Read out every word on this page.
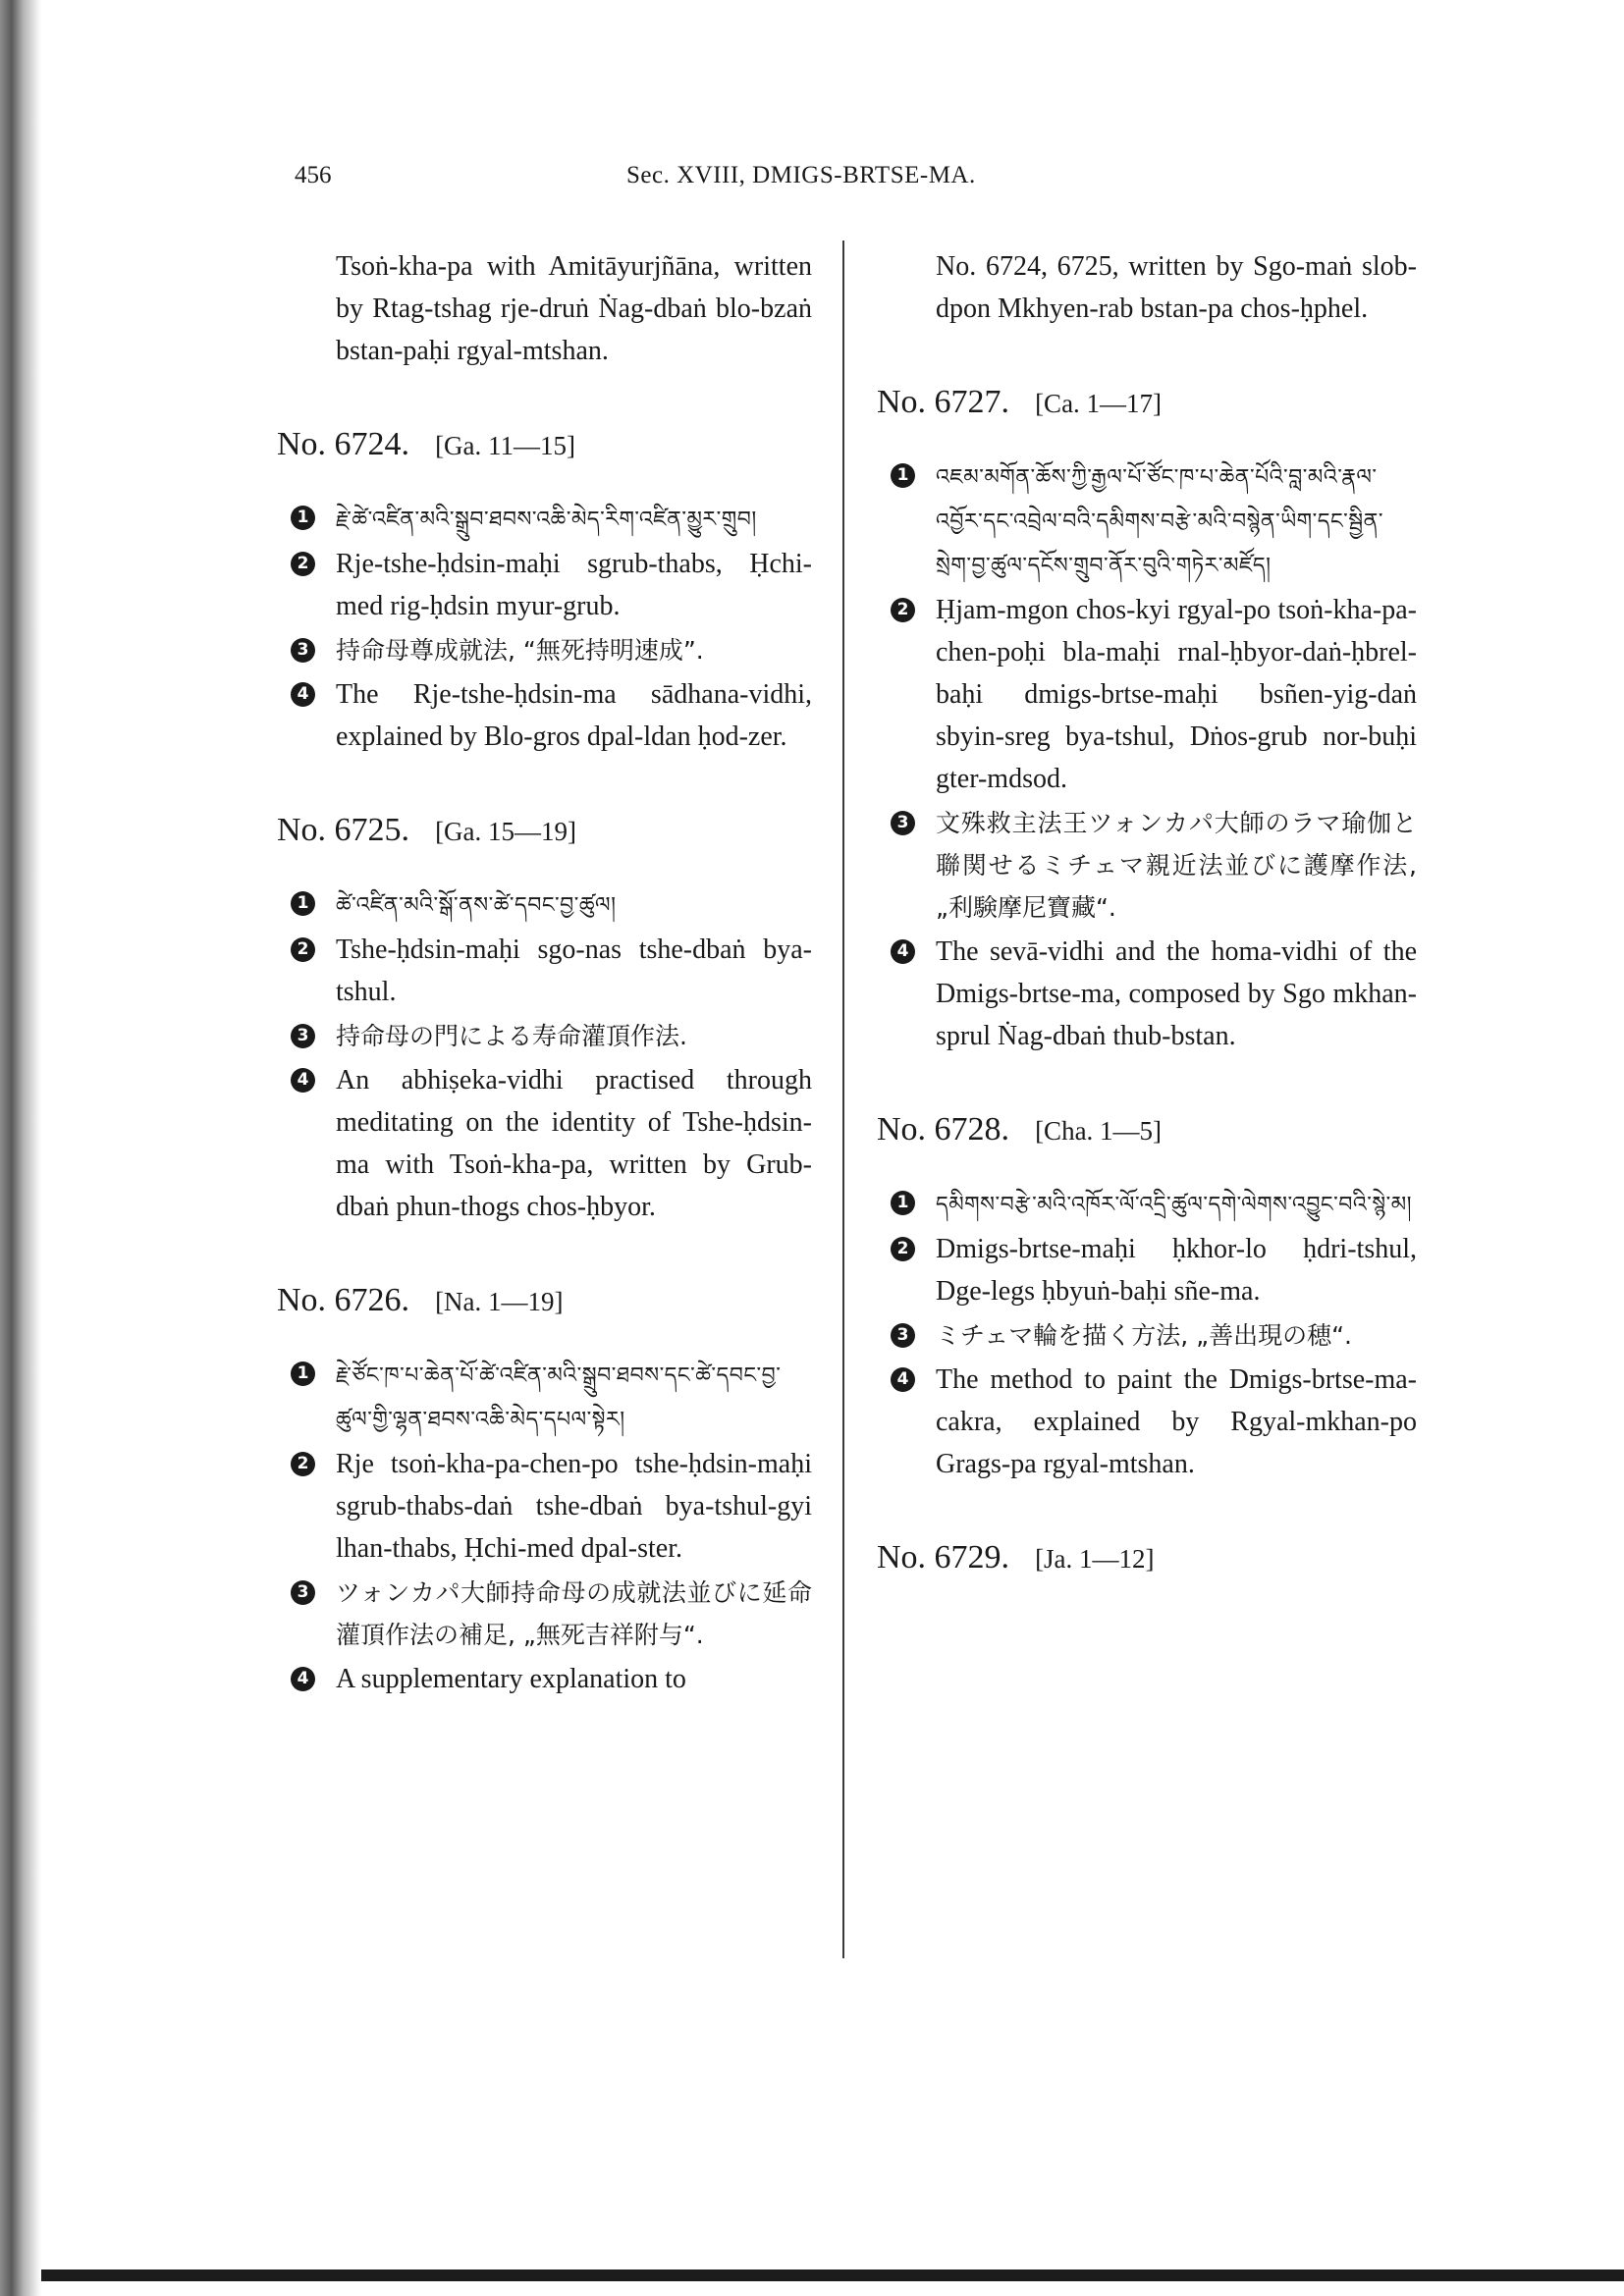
456	Sec. XVIII, DMIGS-BRTSE-MA.
Tsoṅ-kha-pa with Amitāyurjñāna, written by Rtag-tshag rje-druṅ Ṅag-dbaṅ blo-bzaṅ bstan-paḥi rgyal-mtshan.
No. 6724. [Ga. 11—15]
1 རྗེ་ཚེ་འཛིན་མའི་སྒྲུབ་ཐབས་འཆི་མེད་རིག་འཛིན་མྱུར་གྲུབ།
2 Rje-tshe-ḥdsin-maḥi sgrub-thabs, Ḥchi-med rig-ḥdsin myur-grub.
3 持命母尊成就法, “無死持明速成”.
4 The Rje-tshe-ḥdsin-ma sādhana-vidhi, explained by Blo-gros dpal-ldan ḥod-zer.
No. 6725. [Ga. 15—19]
1 ཚེ་འཛིན་མའི་སྒོ་ནས་ཚེ་དབང་བྱ་ཚུལ།
2 Tshe-ḥdsin-maḥi sgo-nas tshe-dbaṅ bya-tshul.
3 持命母の門による寿命灌頂作法.
4 An abhiṣeka-vidhi practised through meditating on the identity of Tshe-ḥdsin-ma with Tsoṅ-kha-pa, written by Grub-dbaṅ phun-thogs chos-ḥbyor.
No. 6726. [Na. 1—19]
1 རྗེ་ཙོང་ཁ་པ་ཆེན་པོ་ཚེ་འཛིན་མའི་སྒྲུབ་ཐབས་དང་ཚེ་དབང་བྱ་ཚུལ་གྱི་ལྷན་ཐབས་འཆི་མེད་དཔལ་སྟེར།
2 Rje tsoṅ-kha-pa-chen-po tshe-ḥdsin-maḥi sgrub-thabs-daṅ tshe-dbaṅ bya-tshul-gyi lhan-thabs, Ḥchi-med dpal-ster.
3 ツォンカパ大師持命母の成就法並びに延命灌頂作法の補足, „無死吉祥附与“.
4 A supplementary explanation to
No. 6724, 6725, written by Sgo-maṅ slob-dpon Mkhyen-rab bstan-pa chos-ḥphel.
No. 6727. [Ca. 1—17]
1 འཇམ་མགོན་ཆོས་ཀྱི་རྒྱལ་པོ་ཙོང་ཁ་པ་ཆེན་པོའི་བླ་མའི་རྣལ་འབྱོར་དང་འབྲེལ་བའི་དམིགས་བརྩེ་མའི་བསྙེན་ཡིག་དང་སྦྱིན་སྲེག་བྱ་ཚུལ་དངོས་གྲུབ་ནོར་བུའི་གཏེར་མཛོད།
2 Ḥjam-mgon chos-kyi rgyal-po tsoṅ-kha-pa-chen-poḥi bla-maḥi rnal-ḥbyor-daṅ-ḥbrel-baḥi dmigs-brtse-maḥi bsñen-yig-daṅ sbyin-sreg bya-tshul, Dṅos-grub nor-buḥi gter-mdsod.
3 文殊救主法王ツォンカパ大師のラマ瑜伽と聯関せるミチェマ親近法並びに護摩作法, „利験摩尼寶藏“.
4 The sevā-vidhi and the homa-vidhi of the Dmigs-brtse-ma, composed by Sgo mkhan-sprul Ṅag-dbaṅ thub-bstan.
No. 6728. [Cha. 1—5]
1 དམིགས་བརྩེ་མའི་འཁོར་ལོ་འདྲི་ཚུལ་དགེ་ལེགས་འབྱུང་བའི་སྙེ་མ།
2 Dmigs-brtse-maḥi ḥkhor-lo ḥdri-tshul, Dge-legs ḥbyuṅ-baḥi sñe-ma.
3 ミチェマ輪を描く方法, „善出現の穂“.
4 The method to paint the Dmigs-brtse-ma-cakra, explained by Rgyal-mkhan-po Grags-pa rgyal-mtshan.
No. 6729. [Ja. 1—12]
